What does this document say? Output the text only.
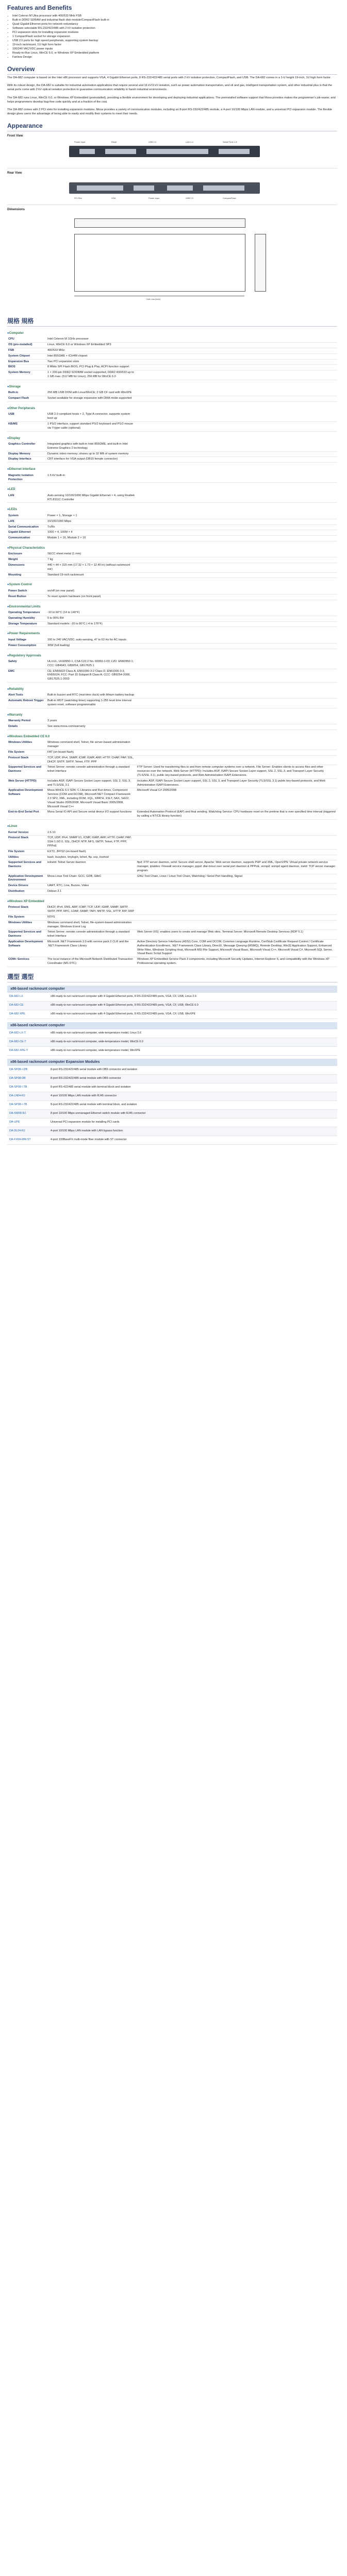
Features and Benefits
• Intel Celeron M Ultra processor with 400/533 MHz FSB
• Built-in DDR2 SDRAM and industrial flash disk module/CompactFlash built-in
• Quad Gigabit Ethernet ports for network redundancy
• Software selectable RS-232/422/485 with 2 kV isolation protection
• PCI expansion slots for installing expansion modules
• 1 CompactFlash socket for storage expansion
• USB 2.0 ports for high speed peripherals, supporting system backup
• 19-inch rackmount, 1U high form factor
• 100/240 VAC/VDC power inputs
• Ready-to-Run Linux, WinCE 6.0, or Windows XP Embedded platform
• Fanless Design
Overview

The DA-682 computer is based on the Intel x86 processor and supports VGA, 4 Gigabit Ethernet ports, 8 RS-232/422/485 serial ports with 2 kV isolation protection, CompactFlash, and USB. The DA-682 comes in a 1-U height 19-inch, 1U high form factor.

With its robust design, the DA-682 is suitable for industrial automation applications that require several and 16 kV/3 kV isolation, such as power automation transportation, and oil and gas, intelligent transportation system, and other industrial plus is that the serial ports come with 2 kV optical isolation protection to guarantee communication reliability in harsh industrial environments.

The DA-682 runs Linux, WinCE 6.0, or Windows XP Embedded (preinstalled), providing a flexible environment for developing and deploying industrial applications. The preinstalled software support that Moxa provides makes the programmer's job easier, and helps programmers develop bug-free code quickly and at a fraction of the cost.

The DA-682 comes with 2 PCI slots for installing expansion modules. Moxa provides a variety of communication modules, including an 8-port RS-232/422/485 module, a 4-port 10/100 Mbps LAN module, and a universal PCI expansion module. The flexible design gives users the advantage of being able to easily and modify their systems to meet their needs.

Appearance
Front View
Power Input	Reset	USB 2.0	LAN 1-4	Serial Ports 1-8
Rear View
PCI Slot	VGA	Power Input	USB 2.0	CompactFlash
Dimensions
Unit: mm (inch)
規格 規格
● Computer
CPU	Intel Celeron M 1GHz processor	
OS (pre-installed)	Linux, WinCE 6.0 or Windows XP Embedded SP3	
FSB	400/533 MHz	
System Chipset	Intel 855GME + ICH4M chipset	
Expansion Bus	Two PCI expansion slots	
BIOS	8 Mbits SPI Flash BIOS, PCI Plug & Play, ACPI function support	
System Memory	1 × 200-pin DDR2 SODIMM socket supported, DDR2 400/533 up to 1 GB max. (512 MB for Linux), 256 MB for WinCE 6.0	
● Storage
Built-in	256 MB USB DOM with Linux/WinCE; 2 GB CF card with WinXPE	
Compact Flash	Socket available for storage expansion with DMA mode supported	
● Other Peripherals
USB	USB 2.0 compliant hosts × 2, Type A connector, supports system boot up	
KB/MS	1 PS/2 interface, support standard PS/2 keyboard and PS/2 mouse via Y-type cable (optional)	
● Display
Graphics Controller	Integrated graphics with built-in Intel 855GME, and built-in Intel Extreme Graphics 2 technology	
Display Memory	Dynamic video memory; shares up to 32 MB of system memory	
Display Interface	CRT interface for VGA output (DB15 female connector)	
● Ethernet Interface
Magnetic Isolation Protection	1.5 kV built-in	
● LED
LAN	Auto-sensing 10/100/1000 Mbps Gigabit Ethernet × 4, using Realtek RTL8111C Controller	
● LEDs
System	Power × 1, Storage × 1	
LAN	10/100/1000 Mbps	
Serial Communication	Tx/Rx	
Gigabit Ethernet	1000 × 4, 100M × 4	
Communication	Module 1 × 16, Module 2 × 16	
● Physical Characteristics
Enclosure	SECC sheet metal (1 mm)	
Weight	7 kg	
Dimensions	440 × 44 × 315 mm (17.32 × 1.73 × 12.40 in) (without rackmount ear)	
Mounting	Standard 19-inch rackmount	
● System Control
Power Switch	on/off (on rear panel)	
Reset Button	To reset system hardware (on front panel)	
● Environmental Limits
Operating Temperature	-10 to 60°C (14 to 140°F)	
Operating Humidity	5 to 95% RH	
Storage Temperature	Standard models: -20 to 80°C (-4 to 176°F)	
● Power Requirements
Input Voltage	100 to 240 VAC/VDC; auto-sensing, 47 to 63 Hz for AC inputs	
Power Consumption	30W (full loading)	
● Regulatory Approvals
Safety	UL/cUL, UL60950-1, CSA C22.2 No. 60950-1-03; LVD: EN60950-1; CCC: GB4943, GB9254, GB17625.1	
EMC	CE: EN55022 Class A, EN61000-3-2 Class D, EN61000-3-3, EN55024; FCC: Part 15 Subpart B Class A; CCC: GB9254-2008, GB17625.1-2003	
● Reliability
Alert Tools	Built-in buzzer and RTC (real-time clock) with lithium battery backup	
Automatic Reboot Trigger	Built-in WDT (watchdog timer) supporting 1-255 level time interval system reset, software programmable	
● Warranty
Warranty Period	3 years	
Details	See www.moxa.com/warranty	
● Windows Embedded CE 6.0
Windows Utilities	Windows command shell, Telnet, file server-based administration manager	
File System	FAT (on-board flash)	
Protocol Stack	TCP, UDP, IPv4, SNMP, ICMP, IGMP, ARP, HTTP, CHAP, PAP, SSL, DHCP, SNTP, SMTP, Telnet, FTP, PPP	
Supported Services and Daemons	Telnet Server: remote console administration through a standard telnet interface	FTP Server: Used for transferring files to and from remote computer systems over a network. File Server: Enables clients to access files and other resources over the network. Web Server (HTTPD): Includes ASP, ISAPI Secure Socket Layer support, SSL 2, SSL 3, and Transport Layer Security (TLS/SSL 3.1), public key-based protocols, and Web Administration ISAPI Extensions.
Web Server (HTTPD)	Includes ASP, ISAPI Secure Socket Layer support, SSL 2, SSL 3, and TLS/SSL 3.1	Includes ASP, ISAPI Secure Socket Layer support, SSL 2, SSL 3, and Transport Layer Security (TLS/SSL 3.1) public key-based protocols, and Web Administration ISAPI Extensions.
Application Development Software	Moxa WinCE 6.0 SDK: C Libraries and Run-times, Component Services (COM and DCOM), Microsoft.NET Compact Framework 2.0 SP2, XML, including DOM, XQL, XPATH, XSLT, SAX, SAX2, Visual Studio 2005/2008, Microsoft Visual Basic 2005/2008, Microsoft Visual C++	Microsoft Visual C# 2005/2008
End-to-End Serial Port	Moxa Serial IO API and Secure serial device I/O support functions	Extended Automation Protocol (EAP) and final sending. Watchdog Service: CPU hardware reset on the pretime that is over specified time interval (triggered by calling a NT/CE library function)
● Linux
Kernel Version	2.6.10	
Protocol Stack	TCP, UDP, IPv4, SNMP V1, ICMP, IGMP, ARP, HTTP, CHAP, PAP, SSH 1.0/2.0, SSL, DHCP, NTP, NFS, SMTP, Telnet, FTP, PPP, PPPoE	
File System	EXT2, JFFS2 (on-board flash)	
Utilities	bash, busybox, tinylogin, telnet, ftp, scp, insmod	
Supported Services and Daemons	telnetd: Telnet Server daemon	ftpd: FTP server daemon, sshd: Secure shell server, Apache: Web server daemon, supports PHP and XML, OpenVPN: Virtual private network service manager, iptables: Firewall service manager, pppd: dial-in/out over serial port daemon & PPPoE, snmpd: snmpd agent daemon, inetd: TCP server manager program
Application Development Environment	Moxa Linux Tool Chain: GCC, GDB, GlibC	GNU Tool Chain, Linux / Linux Tool Chain, Watchdog / Serial Port Handling, Signal
Device Drivers	UART, RTC, Line, Buzzer, Video	
Distribution	Debian 3.1	
● Windows XP Embedded
Protocol Stack	DHCP, IPv4, DNS, ARP, ICMP, TCP, UDP, IGMP, SNMP, SMTP, SNTP, PPP, RPC, LDAP, SNMP, TAPI, NNTP, SSL, HTTP, RIP, DRP	
File System	NTFS	
Windows Utilities	Windows command shell, Telnet, file-system-based administration manager, Windows Event Log	
Supported Services and Daemons	Telnet Server: remote console administration through a standard telnet interface	Web Server (IIS): enables users to create and manage Web sites, Terminal Server: Microsoft Remote Desktop Services (RDP 5.1)
Application Development Software	Microsoft .NET Framework 2.0 with service pack 2 CLR and the .NET Framework Class Library	Active Directory Service Interfaces (ADSI) Core, COM and DCOM, Common Language Runtime, CertStub Certificate Request Control / Certificate Authentication Enrollment, .NET Framework Class Library, DirectX, Message Queuing (MSMQ), Remote Desktop, Win32 Application Support, Enhanced Write Filter, Windows Scripting Host, Microsoft MSI File Support, Microsoft Visual Basic, Microsoft Visual C++, Microsoft Visual C#, Microsoft SQL Server, Visual Basic Script Support
COM+ Services	The local instance of the Microsoft Network Distributed Transaction Coordinator (MS DTC)	Windows XP Embedded Service Pack 3 components, including Microsoft Security Updates, Internet Explorer 6, and compatibility with the Windows XP Professional operating system.
選型 選型
x86-based rackmount computer
DA-682-LX	x86 ready-to-run rackmount computer with 4 Gigabit Ethernet ports, 8 RS-232/422/485 ports, VGA, CF, USB, Linux 2.6
DA-682-CE	x86 ready-to-run rackmount computer with 4 Gigabit Ethernet ports, 8 RS-232/422/485 ports, VGA, CF, USB, WinCE 6.0
DA-682-XPE	x86 ready-to-run rackmount computer with 4 Gigabit Ethernet ports, 8 RS-232/422/485 ports, VGA, CF, USB, WinXPE
x86-based rackmount computer
DA-682-LX-T	x86 ready-to-run rackmount computer, wide-temperature model, Linux 2.6
DA-682-CE-T	x86 ready-to-run rackmount computer, wide-temperature model, WinCE 6.0
DA-682-XPE-T	x86 ready-to-run rackmount computer, wide-temperature model, WinXPE
x86-based rackmount computer Expansion Modules
DA-SP08-I-DB	8-port RS-232/422/485 serial module with DB9 connector and isolation
DA-SP08-DB	8-port RS-232/422/485 serial module with DB9 connector
DA-SP08-I-TB	8-port RS-422/485 serial module with terminal block and isolation
DA-LN04-RJ	4-port 10/100 Mbps LAN module with RJ45 connector
DA-SP38-I-TB	8-port RS-232/422/485 serial module with terminal block, and isolation
DA-SW08-RJ	8-port 10/100 Mbps unmanaged Ethernet switch module with RJ45 connector
DA-UPE	Universal PCI expansion module for installing PCI cards
DA-DL04-RJ	4-port 10/100 Mbps LAN module with LAN bypass function
DA-FX04-MM-ST	4-port 100BaseFX multi-mode fiber module with ST connector
